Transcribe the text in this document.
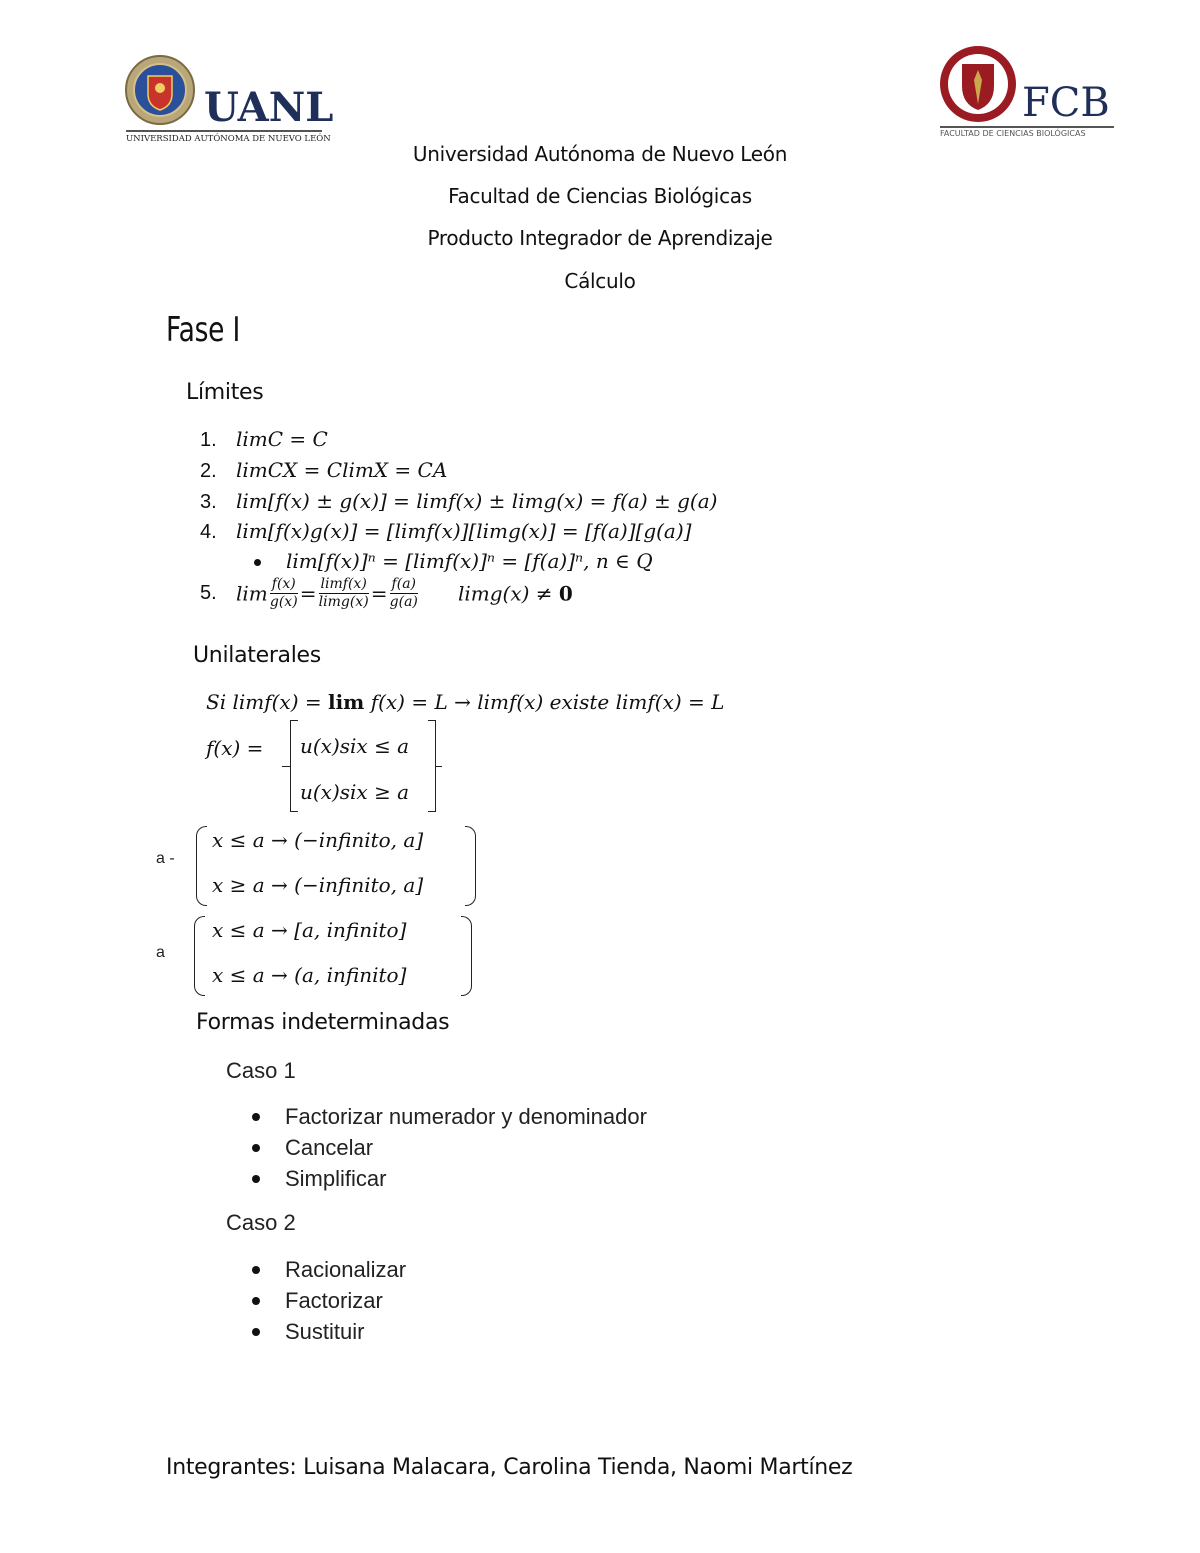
UANL
UNIVERSIDAD AUTÓNOMA DE NUEVO LEÓN
FCB
FACULTAD DE CIENCIAS BIOLÓGICAS
Universidad Autónoma de Nuevo León
Facultad de Ciencias Biológicas
Producto Integrador de Aprendizaje
Cálculo
Fase I
Límites
1. limC = C
2. limCX = ClimX = CA
3. lim[f(x) ± g(x)] = limf(x) ± limg(x) = f(a) ± g(a)
4. lim[f(x)g(x)] = [limf(x)][limg(x)] = [f(a)][g(a)]
lim[f(x)]ⁿ = [limf(x)]ⁿ = [f(a)]ⁿ, n ∈ Q
5. $\lim \frac{f(x)}{g(x)} = \frac{\lim f(x)}{\lim g(x)} = \frac{f(a)}{g(a)} \lim g(x) \ne 0$
Unilaterales
Si limf(x) = lim f(x) = L → limf(x) existe limf(x) = L
f(x) = u(x)six ≤ a
u(x)six ≥ a
a -
x ≤ a → (−infinito, a]
x ≥ a → (−infinito, a]
a
x ≤ a → [a, infinito]
x ≤ a → (a, infinito]
Formas indeterminadas
Caso 1
Factorizar numerador y denominador
Cancelar
Simplificar
Caso 2
Racionalizar
Factorizar
Sustituir
Integrantes: Luisana Malacara, Carolina Tienda, Naomi Martínez
